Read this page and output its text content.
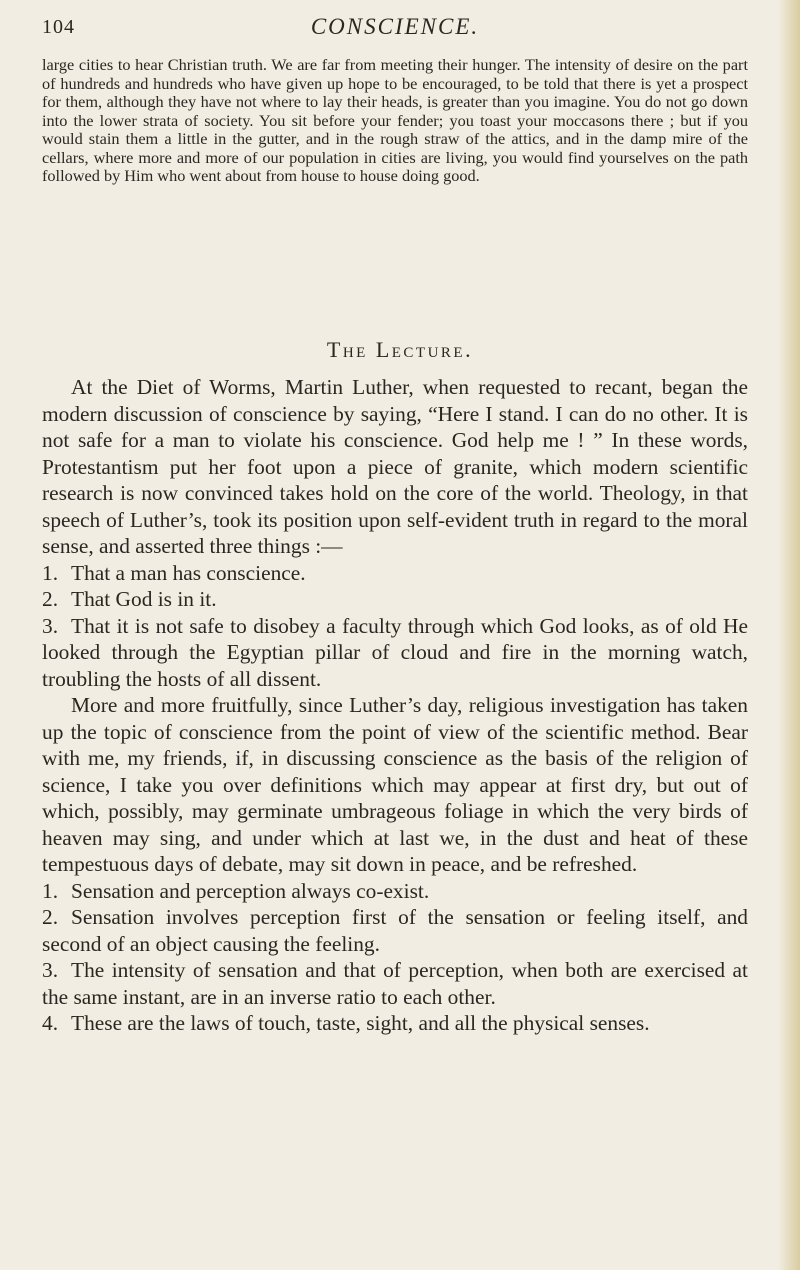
104	CONSCIENCE.

large cities to hear Christian truth. We are far from meeting their hunger. The intensity of desire on the part of hundreds and hundreds who have given up hope to be encouraged, to be told that there is yet a prospect for them, although they have not where to lay their heads, is greater than you imagine. You do not go down into the lower strata of society. You sit before your fender; you toast your moccasons there ; but if you would stain them a little in the gutter, and in the rough straw of the attics, and in the damp mire of the cellars, where more and more of our population in cities are living, you would find yourselves on the path followed by Him who went about from house to house doing good.

The Lecture.

At the Diet of Worms, Martin Luther, when requested to recant, began the modern discussion of conscience by saying, “Here I stand. I can do no other. It is not safe for a man to violate his conscience. God help me ! ” In these words, Protestantism put her foot upon a piece of granite, which modern scientific research is now convinced takes hold on the core of the world. Theology, in that speech of Luther’s, took its position upon self-evident truth in regard to the moral sense, and asserted three things :—

1. That a man has conscience.
2. That God is in it.
3. That it is not safe to disobey a faculty through which God looks, as of old He looked through the Egyptian pillar of cloud and fire in the morning watch, troubling the hosts of all dissent.

More and more fruitfully, since Luther’s day, religious investigation has taken up the topic of conscience from the point of view of the scientific method. Bear with me, my friends, if, in discussing conscience as the basis of the religion of science, I take you over definitions which may appear at first dry, but out of which, possibly, may germinate umbrageous foliage in which the very birds of heaven may sing, and under which at last we, in the dust and heat of these tempestuous days of debate, may sit down in peace, and be refreshed.

1. Sensation and perception always co-exist.
2. Sensation involves perception first of the sensation or feeling itself, and second of an object causing the feeling.
3. The intensity of sensation and that of perception, when both are exercised at the same instant, are in an inverse ratio to each other.
4. These are the laws of touch, taste, sight, and all the physical senses.
